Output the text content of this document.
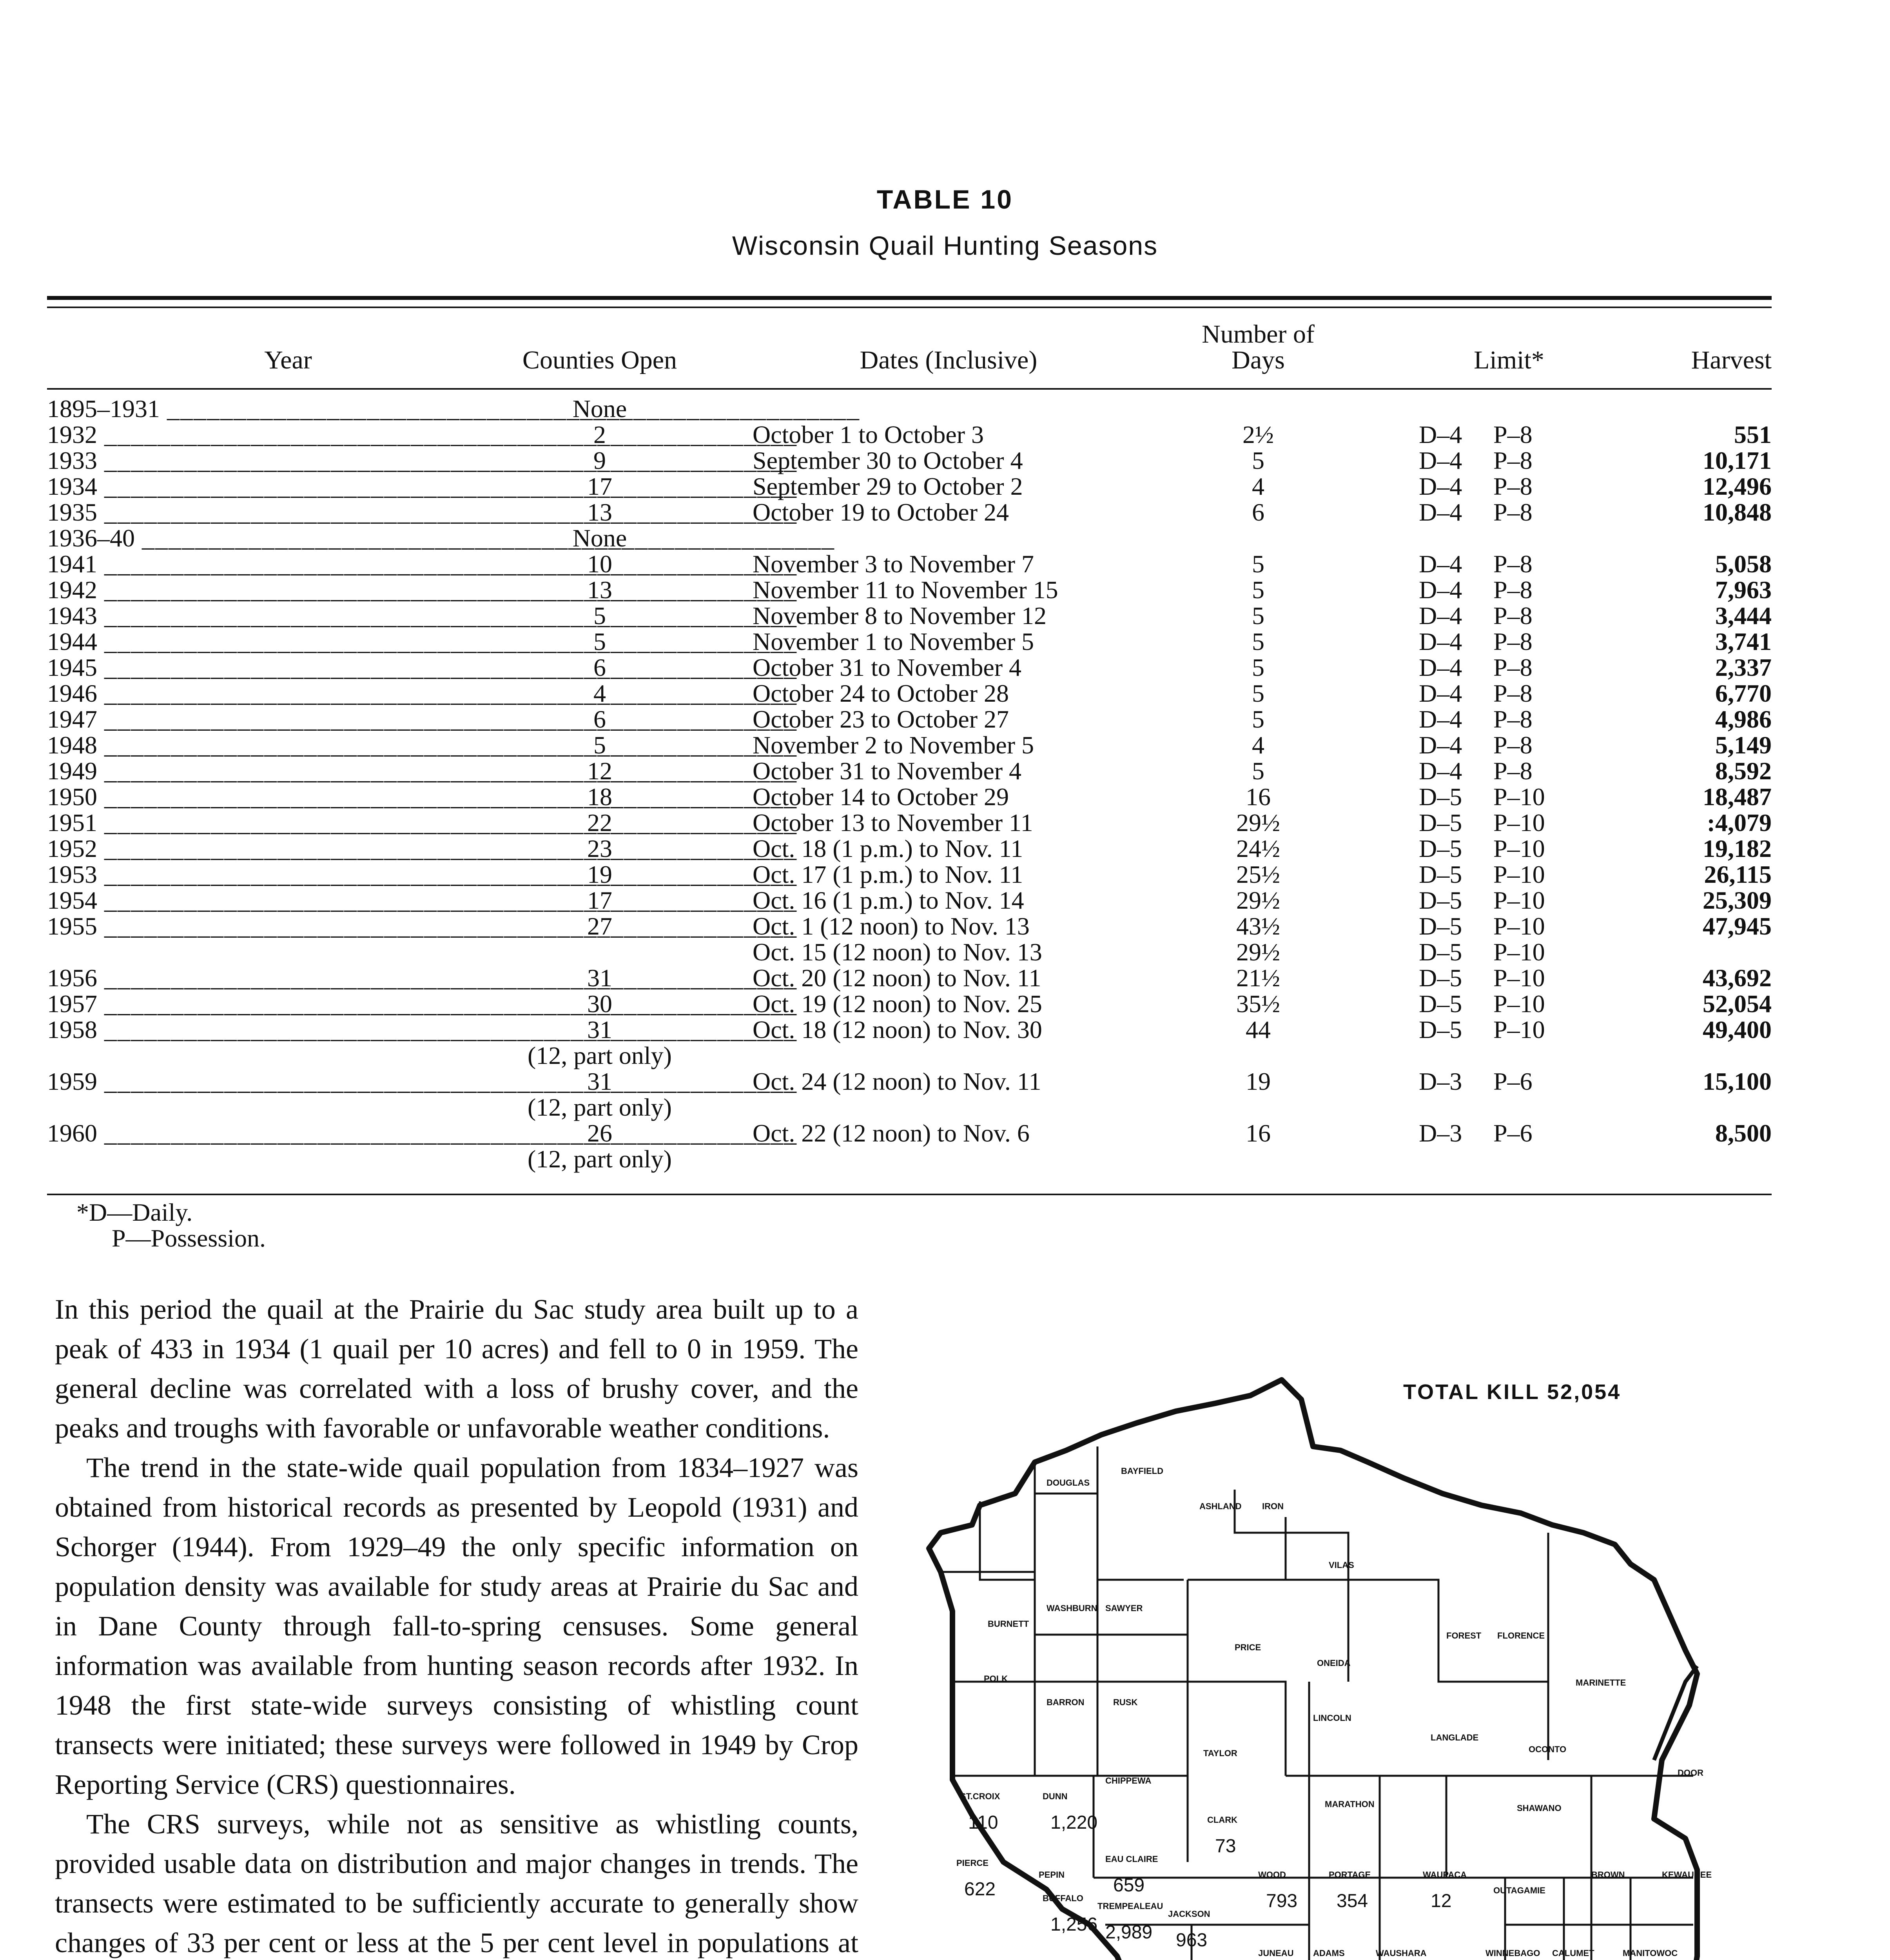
TABLE 10
Wisconsin Quail Hunting Seasons
Year	Counties Open	Dates (Inclusive)
Number of
Days	Limit*	Harvest
1895–1931 _____	None
1932 _____	2	October 1 to October 3	2½	D–4 P–8	551
1933 _____	9	September 30 to October 4	5	D–4 P–8	10,171
1934 _____	17	September 29 to October 2	4	D–4 P–8	12,496
1935 _____	13	October 19 to October 24	6	D–4 P–8	10,848
1936–40 _____	None
1941 _____	10	November 3 to November 7	5	D–4 P–8	5,058
1942 _____	13	November 11 to November 15	5	D–4 P–8	7,963
1943 _____	5	November 8 to November 12	5	D–4 P–8	3,444
1944 _____	5	November 1 to November 5	5	D–4 P–8	3,741
1945 _____	6	October 31 to November 4	5	D–4 P–8	2,337
1946 _____	4	October 24 to October 28	5	D–4 P–8	6,770
1947 _____	6	October 23 to October 27	5	D–4 P–8	4,986
1948 _____	5	November 2 to November 5	4	D–4 P–8	5,149
1949 _____	12	October 31 to November 4	5	D–4 P–8	8,592
1950 _____	18	October 14 to October 29	16	D–5 P–10	18,487
1951 _____	22	October 13 to November 11	29½	D–5 P–10	:4,079
1952 _____	23	Oct. 18 (1 p.m.) to Nov. 11	24½	D–5 P–10	19,182
1953 _____	19	Oct. 17 (1 p.m.) to Nov. 11	25½	D–5 P–10	26,115
1954 _____	17	Oct. 16 (1 p.m.) to Nov. 14	29½	D–5 P–10	25,309
1955 _____	27	Oct. 1 (12 noon) to Nov. 13	43½	D–5 P–10	47,945
Oct. 15 (12 noon) to Nov. 13	29½	D–5 P–10
1956 _____	31	Oct. 20 (12 noon) to Nov. 11	21½	D–5 P–10	43,692
1957 _____	30	Oct. 19 (12 noon) to Nov. 25	35½	D–5 P–10	52,054
1958 _____	31	Oct. 18 (12 noon) to Nov. 30	44	D–5 P–10	49,400
(12, part only)
1959 _____	31	Oct. 24 (12 noon) to Nov. 11	19	D–3 P–6	15,100
(12, part only)
1960 _____	26	Oct. 22 (12 noon) to Nov. 6	16	D–3 P–6	8,500
(12, part only)
*D—Daily.
P—Possession.

In this period the quail at the Prairie du Sac study area built up to a peak of 433 in 1934 (1 quail per 10 acres) and fell to 0 in 1959. The general decline was correlated with a loss of brushy cover, and the peaks and troughs with favorable or unfavorable weather conditions.

The trend in the state-wide quail population from 1834–1927 was obtained from historical records as presented by Leopold (1931) and Schorger (1944). From 1929–49 the only specific information on population density was available for study areas at Prairie du Sac and in Dane County through fall-to-spring censuses. Some general information was available from hunting season records after 1932. In 1948 the first state-wide surveys consisting of whistling count transects were initiated; these surveys were followed in 1949 by Crop Reporting Service (CRS) questionnaires.

The CRS surveys, while not as sensitive as whistling counts, provided usable data on distribution and major changes in trends. The transects were estimated to be sufficiently accurate to generally show changes of 33 per cent or less at the 5 per cent level in populations at

TOTAL KILL 52,054
DOUGLAS
BAYFIELD
ASHLAND IRON
VILAS
WASHBURN SAWYER
BURNETT
PRICE
ONEIDA
FOREST FLORENCE
MARINETTE
POLK
BARRON	RUSK
LINCOLN
LANGLADE
OCONTO
TAYLOR
CHIPPEWA
ST.CROIX
110
DUNN
1,220
MARATHON	SHAWANO
CLARK
73
PIERCE
622
PEPIN
EAU CLAIRE
659
WOOD
793
PORTAGE
354
WAUPACA
12
OUTAGAMIE
BROWN	KEWAUNEE
DOOR
BUFFALO
1,256
TREMPEALEAU
2,989
JACKSON
963
JUNEAU ADAMS	WAUSHARA	WINNEBAGO CALUMET	MANITOWOC
